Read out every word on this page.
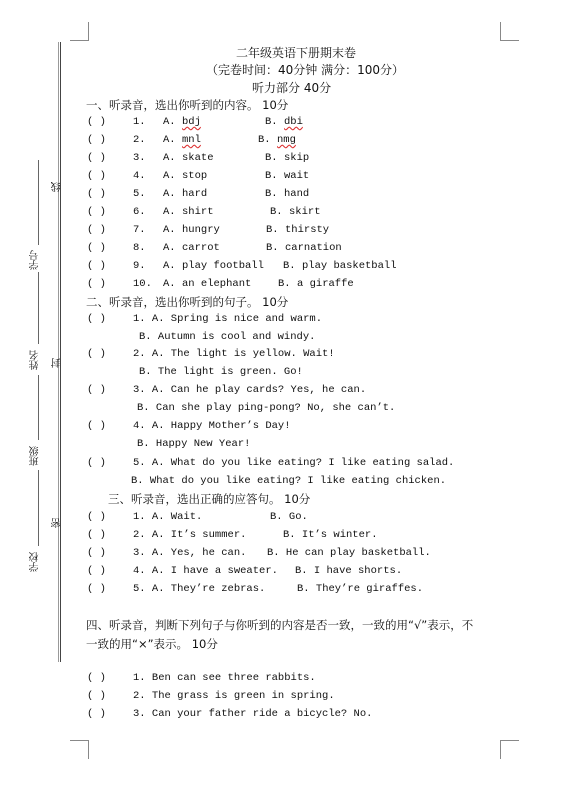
线
封
密
学号
姓名
班级
学校
二年级英语下册期末卷
（完卷时间：40分钟 满分：100分）
听力部分 40分
一、听录音，选出你听到的内容。 10分
( )	1. A. bdj	B. dbi
( )	2. A. mnl	B. nmg
( )	3. A. skate	B. skip
( )	4. A. stop	B. wait
( )	5. A. hard	B. hand
( )	6. A. shirt	B. skirt
( )	7. A. hungry	B. thirsty
( )	8. A. carrot	B. carnation
( )	9. A. play football B. play basketball
( )	10. A. an elephant	B. a giraffe
二、听录音，选出你听到的句子。 10分
( )	1. A. Spring is nice and warm.
B. Autumn is cool and windy.
( )	2. A. The light is yellow. Wait!
B. The light is green. Go!
( )	3. A. Can he play cards? Yes, he can.
B. Can she play ping-pong? No, she can’t.
( )	4. A. Happy Mother’s Day!
B. Happy New Year!
( )	5. A. What do you like eating? I like eating salad.
B. What do you like eating? I like eating chicken.
三、听录音，选出正确的应答句。 10分
( )	1. A. Wait.	B. Go.
( )	2. A. It’s summer.	B. It’s winter.
( )	3. A. Yes, he can. B. He can play basketball.
( )	4. A. I have a sweater. B. I have shorts.
( )	5. A. They’re zebras.	B. They’re giraffes.
四、听录音，判断下列句子与你听到的内容是否一致，一致的用“√”表示，不
一致的用“×”表示。 10分
( )	1. Ben can see three rabbits.
( )	2. The grass is green in spring.
( )	3. Can your father ride a bicycle? No.
